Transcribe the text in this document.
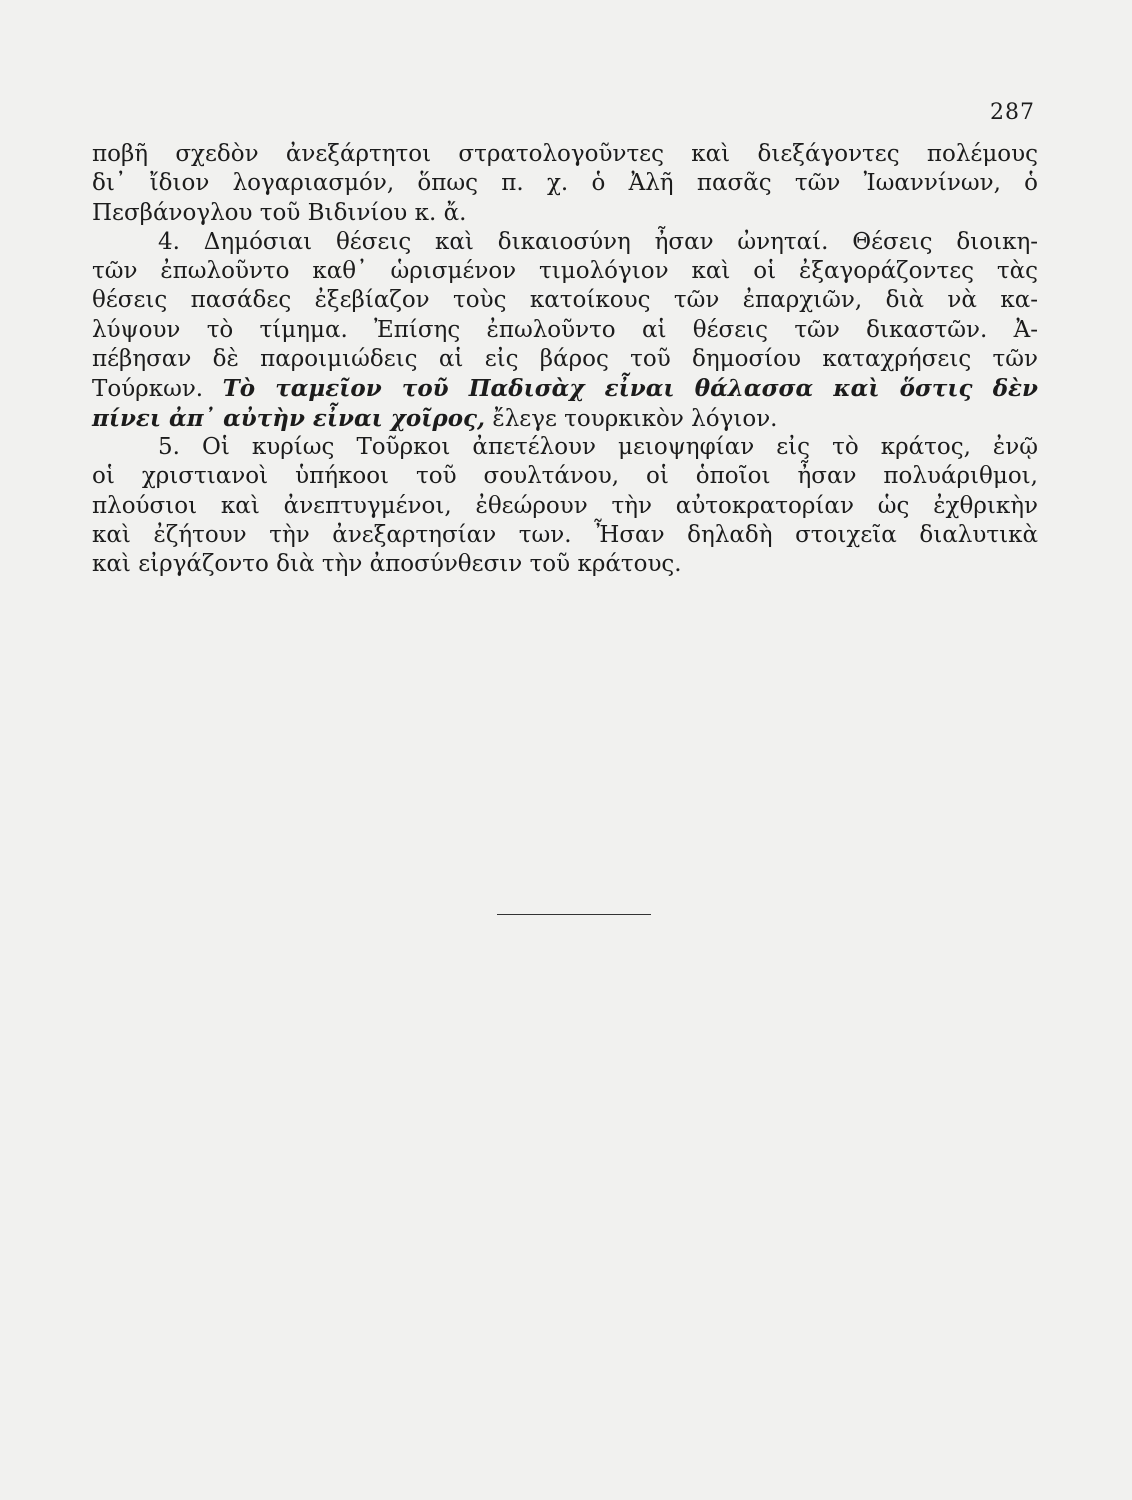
287
ποβῆ σχεδὸν ἀνεξάρτητοι στρατολογοῦντες καὶ διεξάγοντες πολέμους
δι᾿ ἴδιον λογαριασμόν, ὅπως π. χ. ὁ Ἀλῆ πασᾶς τῶν Ἰωαννίνων, ὁ
Πεσβάνογλου τοῦ Βιδινίου κ. ἄ.
4. Δημόσιαι θέσεις καὶ δικαιοσύνη ἦσαν ὠνηταί. Θέσεις διοικη-
τῶν ἐπωλοῦντο καθ᾿ ὡρισμένον τιμολόγιον καὶ οἱ ἐξαγοράζοντες τὰς
θέσεις πασάδες ἐξεβίαζον τοὺς κατοίκους τῶν ἐπαρχιῶν, διὰ νὰ κα-
λύψουν τὸ τίμημα. Ἐπίσης ἐπωλοῦντο αἱ θέσεις τῶν δικαστῶν. Ἀ-
πέβησαν δὲ παροιμιώδεις αἱ εἰς βάρος τοῦ δημοσίου καταχρήσεις τῶν
Τούρκων. Τὸ ταμεῖον τοῦ Παδισὰχ εἶναι θάλασσα καὶ ὅστις δὲν
πίνει ἀπ᾿ αὐτὴν εἶναι χοῖρος, ἔλεγε τουρκικὸν λόγιον.
5. Οἱ κυρίως Τοῦρκοι ἀπετέλουν μειοψηφίαν εἰς τὸ κράτος, ἐνῷ
οἱ χριστιανοὶ ὑπήκοοι τοῦ σουλτάνου, οἱ ὁποῖοι ἦσαν πολυάριθμοι,
πλούσιοι καὶ ἀνεπτυγμένοι, ἐθεώρουν τὴν αὐτοκρατορίαν ὡς ἐχθρικὴν
καὶ ἐζήτουν τὴν ἀνεξαρτησίαν των. Ἦσαν δηλαδὴ στοιχεῖα διαλυτικὰ
καὶ εἰργάζοντο διὰ τὴν ἀποσύνθεσιν τοῦ κράτους.
